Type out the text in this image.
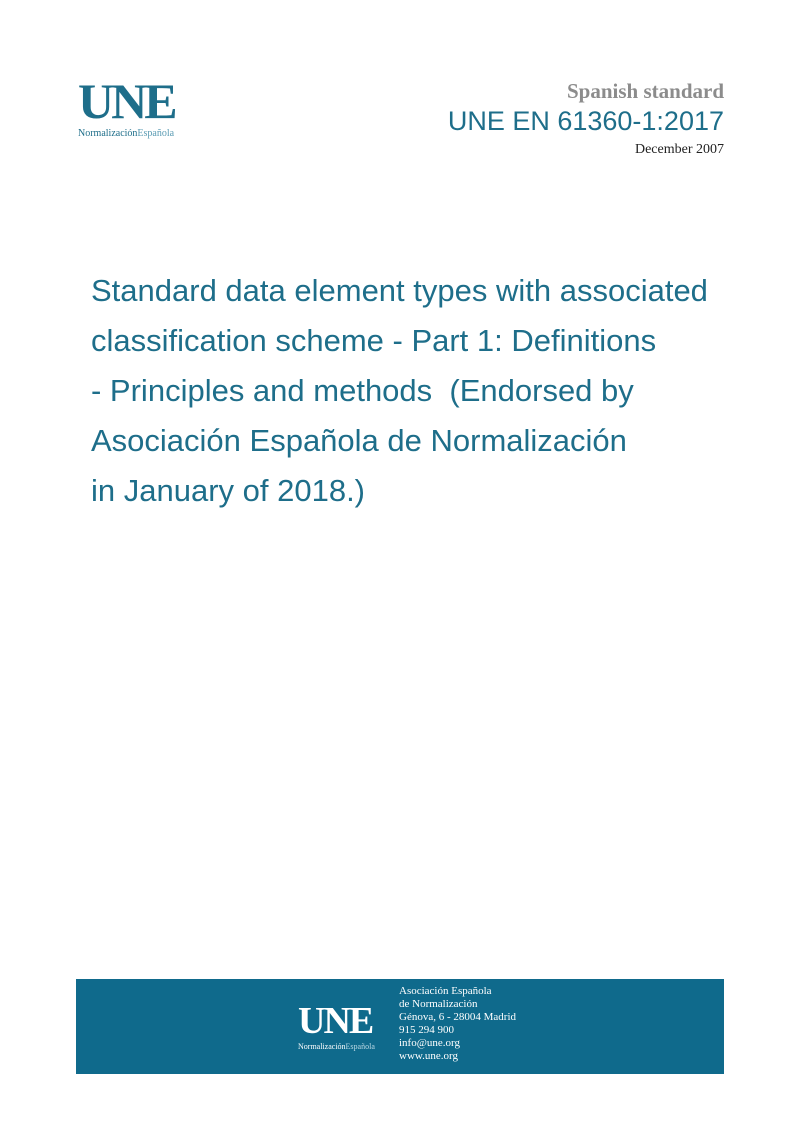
UNE
NormalizaciónEspañola
Spanish standard
UNE EN 61360-1:2017
December 2007
Standard data element types with associated
classification scheme - Part 1: Definitions
- Principles and methods  (Endorsed by
Asociación Española de Normalización
in January of 2018.)
UNE
NormalizaciónEspañola
Asociación Española
de Normalización
Génova, 6 - 28004 Madrid
915 294 900
info@une.org
www.une.org
